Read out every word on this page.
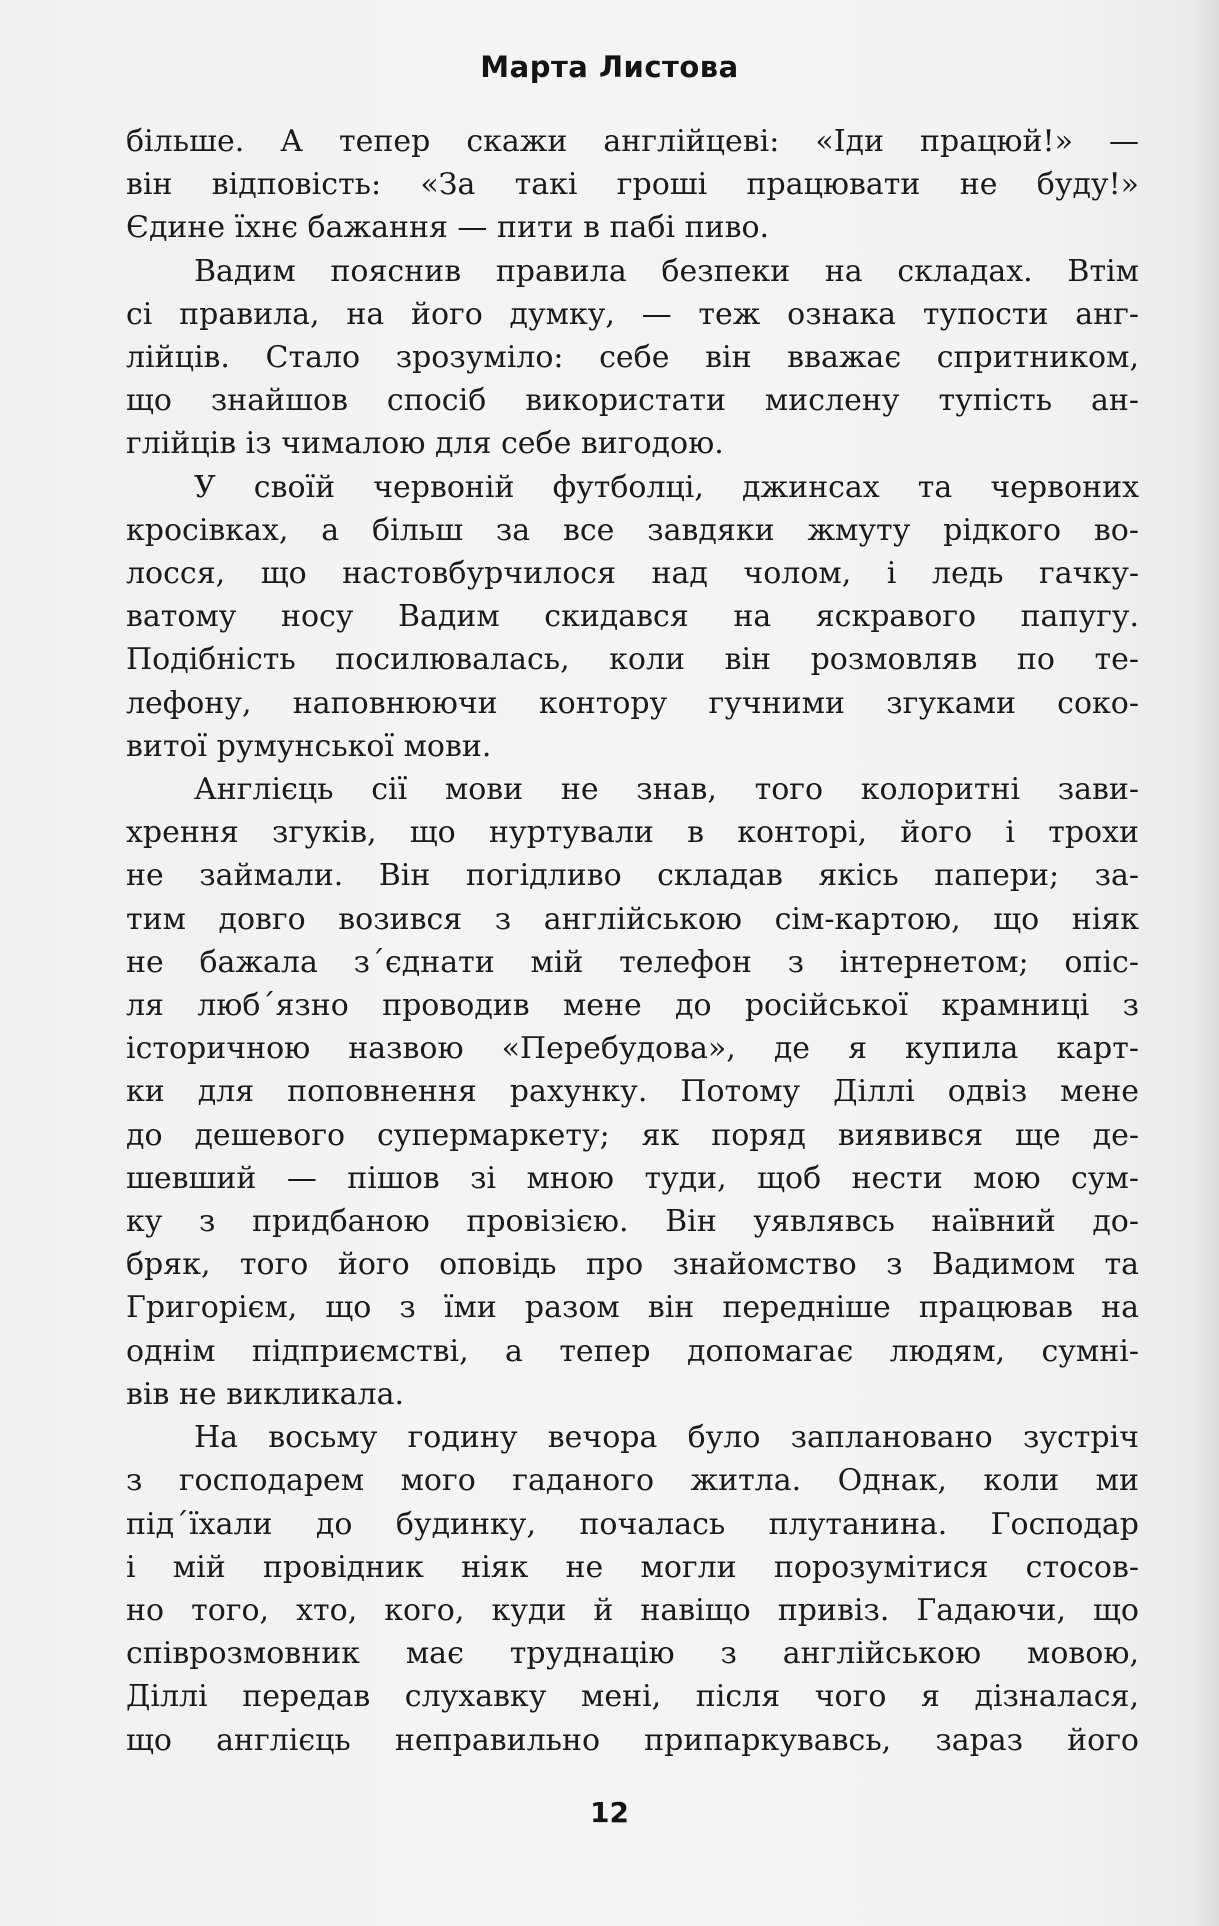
Марта Листова
більше. А тепер скажи англійцеві: «Іди працюй!» —
він відповість: «За такі гроші працювати не буду!»
Єдине їхнє бажання — пити в пабі пиво.
Вадим пояснив правила безпеки на складах. Втім
сі правила, на його думку, — теж ознака тупости анг-
лійців. Стало зрозуміло: себе він вважає спритником,
що знайшов спосіб використати мислену тупість ан-
глійців із чималою для себе вигодою.
У своїй червоній футболці, джинсах та червоних
кросівках, а більш за все завдяки жмуту рідкого во-
лосся, що настовбурчилося над чолом, і ледь гачку-
ватому носу Вадим скидався на яскравого папугу.
Подібність посилювалась, коли він розмовляв по те-
лефону, наповнюючи контору гучними згуками соко-
витої румунської мови.
Англієць сії мови не знав, того колоритні зави-
хрення згуків, що нуртували в конторі, його і трохи
не займали. Він погідливо складав якісь папери; за-
тим довго возився з англійською сім-картою, що ніяк
не бажала з´єднати мій телефон з інтернетом; опіс-
ля люб´язно проводив мене до російської крамниці з
історичною назвою «Перебудова», де я купила карт-
ки для поповнення рахунку. Потому Діллі одвіз мене
до дешевого супермаркету; як поряд виявився ще де-
шевший — пішов зі мною туди, щоб нести мою сум-
ку з придбаною провізією. Він уявлявсь наївний до-
бряк, того його оповідь про знайомство з Вадимом та
Григорієм, що з їми разом він передніше працював на
однім підприємстві, а тепер допомагає людям, сумні-
вів не викликала.
На восьму годину вечора було заплановано зустріч
з господарем мого гаданого житла. Однак, коли ми
під´їхали до будинку, почалась плутанина. Господар
і мій провідник ніяк не могли порозумітися стосов-
но того, хто, кого, куди й навіщо привіз. Гадаючи, що
співрозмовник має труднацію з англійською мовою,
Діллі передав слухавку мені, після чого я дізналася,
що англієць неправильно припаркувавсь, зараз його
12
